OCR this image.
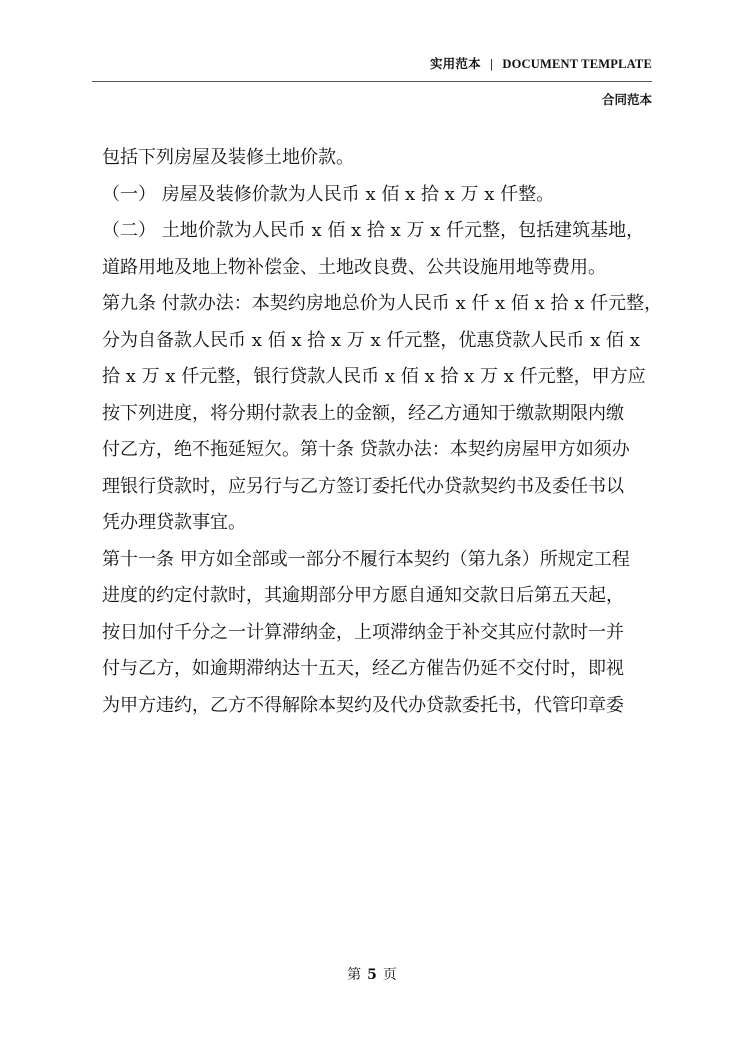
实用范本 | DOCUMENT TEMPLATE
合同范本

包括下列房屋及装修土地价款。

（一） 房屋及装修价款为人民币 x 佰 x 拾 x 万 x 仟整。

（二） 土地价款为人民币 x 佰 x 拾 x 万 x 仟元整，包括建筑基地，

道路用地及地上物补偿金、土地改良费、公共设施用地等费用。

第九条 付款办法：本契约房地总价为人民币 x 仟 x 佰 x 拾 x 仟元整，

分为自备款人民币 x 佰 x 拾 x 万 x 仟元整，优惠贷款人民币 x 佰 x

拾 x 万 x 仟元整，银行贷款人民币 x 佰 x 拾 x 万 x 仟元整，甲方应

按下列进度，将分期付款表上的金额，经乙方通知于缴款期限内缴

付乙方，绝不拖延短欠。第十条 贷款办法：本契约房屋甲方如须办

理银行贷款时，应另行与乙方签订委托代办贷款契约书及委任书以

凭办理贷款事宜。

第十一条 甲方如全部或一部分不履行本契约（第九条）所规定工程

进度的约定付款时，其逾期部分甲方愿自通知交款日后第五天起，

按日加付千分之一计算滞纳金，上项滞纳金于补交其应付款时一并

付与乙方，如逾期滞纳达十五天，经乙方催告仍延不交付时，即视

为甲方违约，乙方不得解除本契约及代办贷款委托书，代管印章委

第 5 页
